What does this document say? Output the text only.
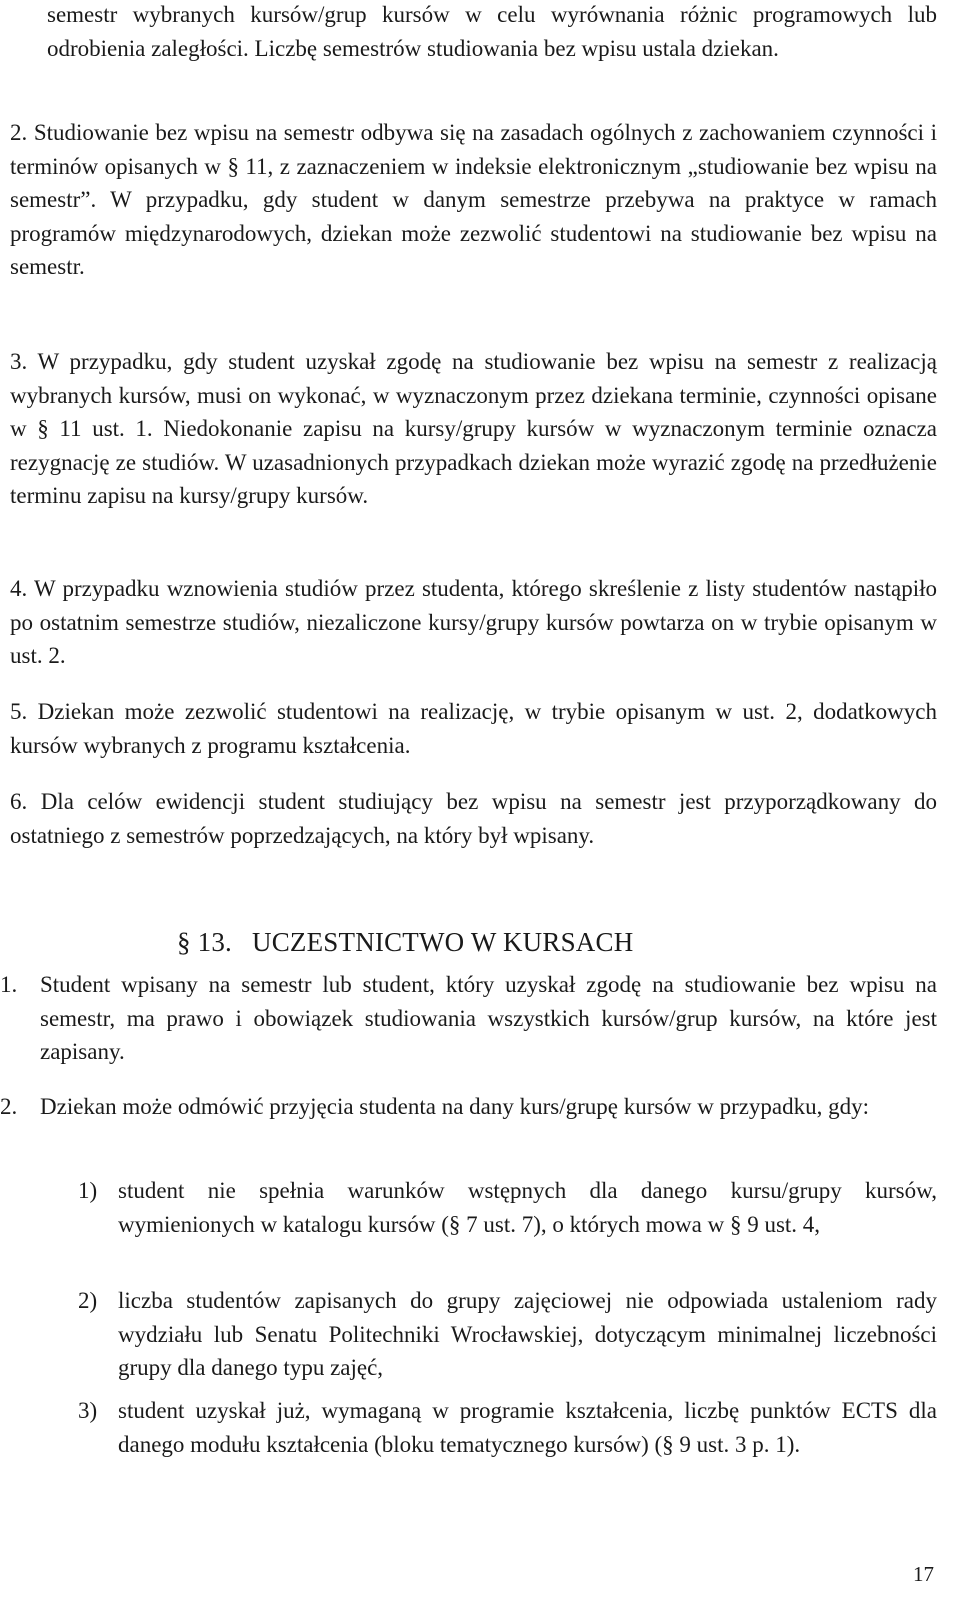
semestr wybranych kursów/grup kursów w celu wyrównania różnic programowych lub odrobienia zaległości. Liczbę semestrów studiowania bez wpisu ustala dziekan.
2. Studiowanie bez wpisu na semestr odbywa się na zasadach ogólnych z zachowaniem czynności i terminów opisanych w § 11, z zaznaczeniem w indeksie elektronicznym „studiowanie bez wpisu na semestr”. W przypadku, gdy student w danym semestrze przebywa na praktyce w ramach programów międzynarodowych, dziekan może zezwolić studentowi na studiowanie bez wpisu na semestr.
3. W przypadku, gdy student uzyskał zgodę na studiowanie bez wpisu na semestr z realizacją wybranych kursów, musi on wykonać, w wyznaczonym przez dziekana terminie, czynności opisane w § 11 ust. 1. Niedokonanie zapisu na kursy/grupy kursów w wyznaczonym terminie oznacza rezygnację ze studiów. W uzasadnionych przypadkach dziekan może wyrazić zgodę na przedłużenie terminu zapisu na kursy/grupy kursów.
4. W przypadku wznowienia studiów przez studenta, którego skreślenie z listy studentów nastąpiło po ostatnim semestrze studiów, niezaliczone kursy/grupy kursów powtarza on w trybie opisanym w ust. 2.
5. Dziekan może zezwolić studentowi na realizację, w trybie opisanym w ust. 2, dodatkowych kursów wybranych z programu kształcenia.
6. Dla celów ewidencji student studiujący bez wpisu na semestr jest przyporządkowany do ostatniego z semestrów poprzedzających, na który był wpisany.
§ 13. UCZESTNICTWO W KURSACH
1. Student wpisany na semestr lub student, który uzyskał zgodę na studiowanie bez wpisu na semestr, ma prawo i obowiązek studiowania wszystkich kursów/grup kursów, na które jest zapisany.
2. Dziekan może odmówić przyjęcia studenta na dany kurs/grupę kursów w przypadku, gdy:
1) student nie spełnia warunków wstępnych dla danego kursu/grupy kursów, wymienionych w katalogu kursów (§ 7 ust. 7), o których mowa w § 9 ust. 4,
2) liczba studentów zapisanych do grupy zajęciowej nie odpowiada ustaleniom rady wydziału lub Senatu Politechniki Wrocławskiej, dotyczącym minimalnej liczebności grupy dla danego typu zajęć,
3) student uzyskał już, wymaganą w programie kształcenia, liczbę punktów ECTS dla danego modułu kształcenia (bloku tematycznego kursów) (§ 9 ust. 3 p. 1).
17
